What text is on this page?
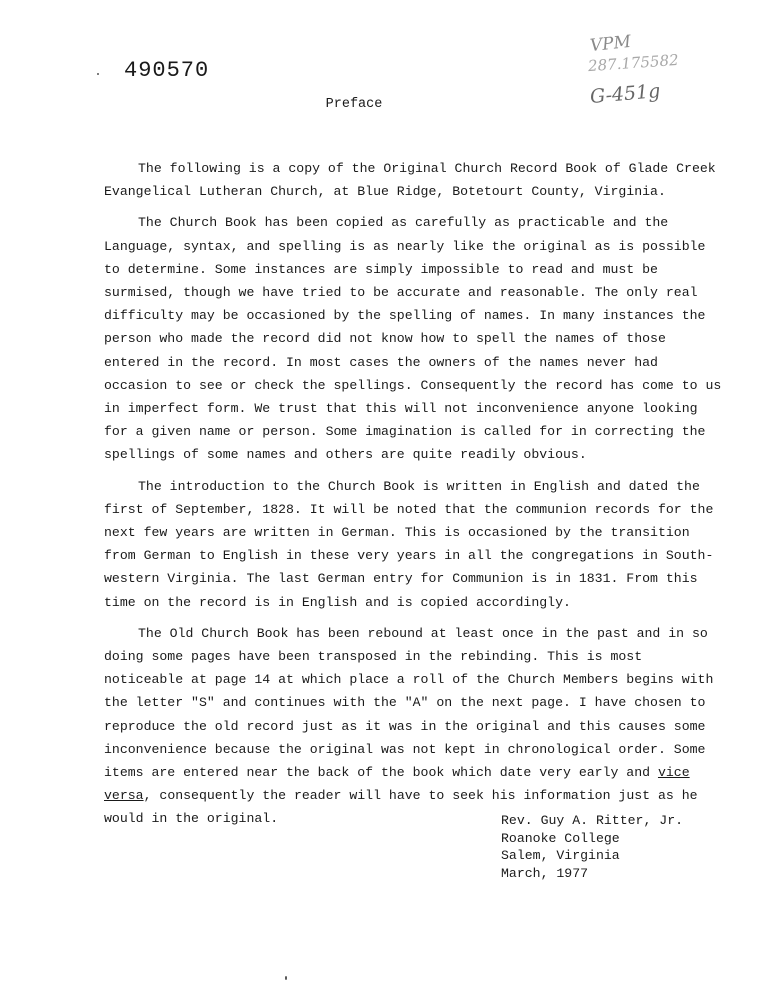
490570
VPM
287.175582
G-451g
Preface

The following is a copy of the Original Church Record Book of Glade Creek Evangelical Lutheran Church, at Blue Ridge, Botetourt County, Virginia.

The Church Book has been copied as carefully as practicable and the Language, syntax, and spelling is as nearly like the original as is possible to determine. Some instances are simply impossible to read and must be surmised, though we have tried to be accurate and reasonable. The only real difficulty may be occasioned by the spelling of names. In many instances the person who made the record did not know how to spell the names of those entered in the record. In most cases the owners of the names never had occasion to see or check the spellings. Consequently the record has come to us in imperfect form. We trust that this will not inconvenience anyone looking for a given name or person. Some imagination is called for in correcting the spellings of some names and others are quite readily obvious.

The introduction to the Church Book is written in English and dated the first of September, 1828. It will be noted that the communion records for the next few years are written in German. This is occasioned by the transition from German to English in these very years in all the congregations in South-western Virginia. The last German entry for Communion is in 1831. From this time on the record is in English and is copied accordingly.

The Old Church Book has been rebound at least once in the past and in so doing some pages have been transposed in the rebinding. This is most noticeable at page 14 at which place a roll of the Church Members begins with the letter "S" and continues with the "A" on the next page. I have chosen to reproduce the old record just as it was in the original and this causes some inconvenience because the original was not kept in chronological order. Some items are entered near the back of the book which date very early and vice versa, consequently the reader will have to seek his information just as he would in the original.	Rev. Guy A. Ritter, Jr.
Roanoke College
Salem, Virginia
March, 1977
